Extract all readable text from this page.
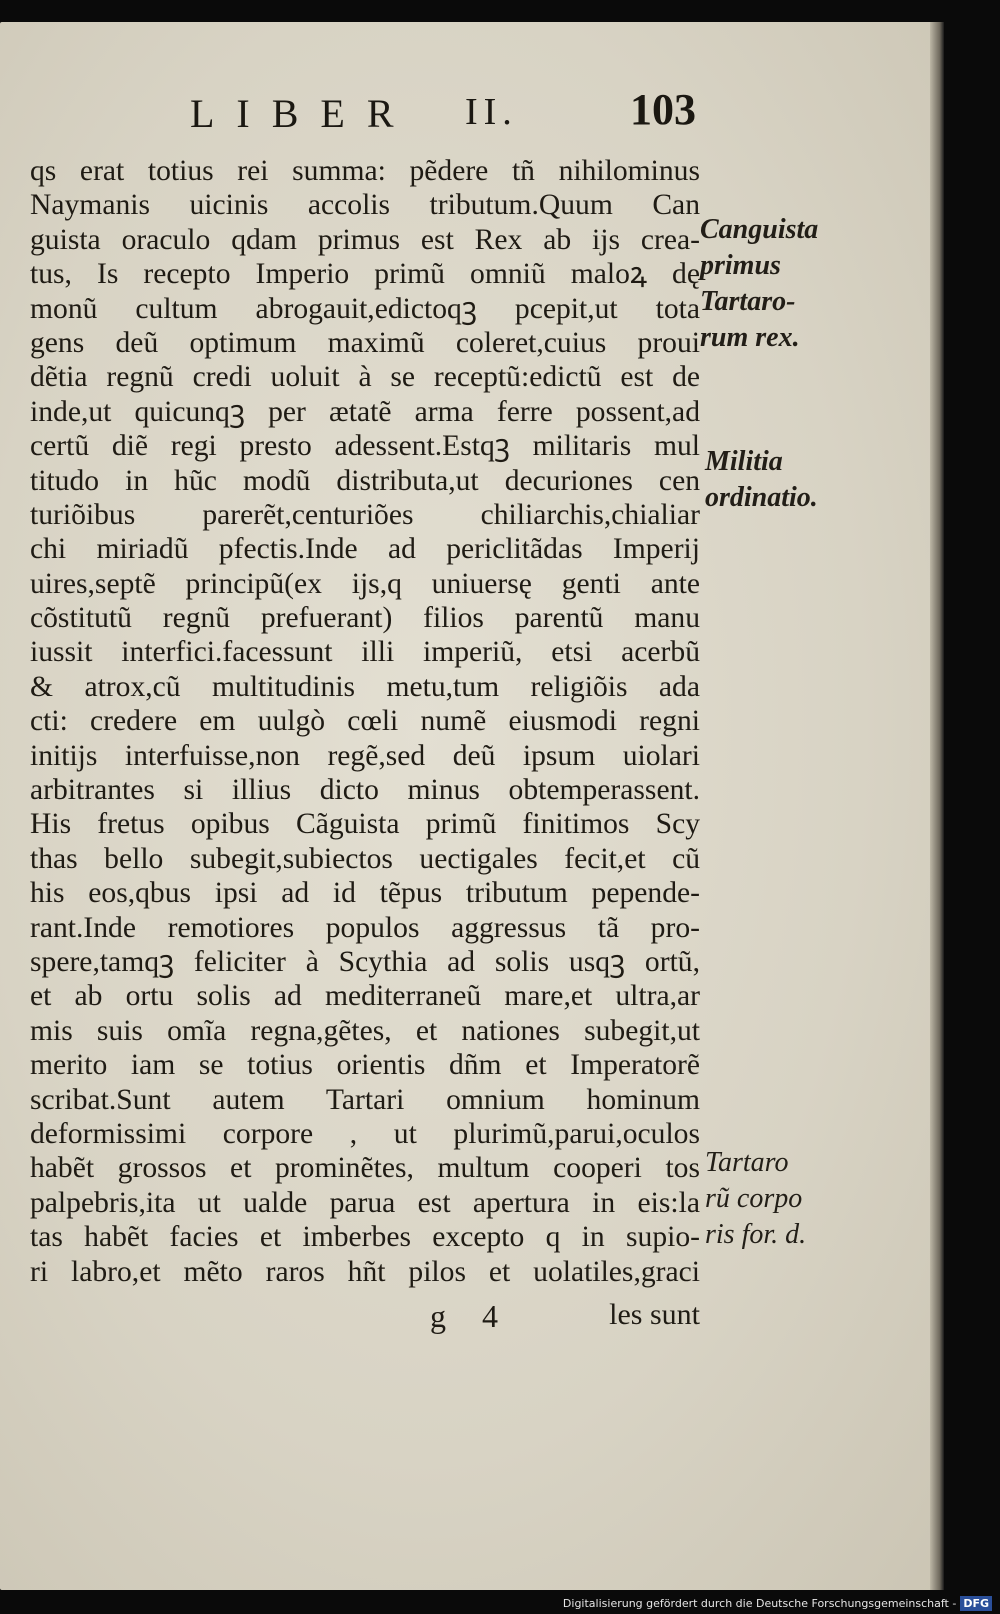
LIBER II.	103
qs erat totius rei summa: pẽdere tñ nihilominus
Naymanis uicinis accolis tributum.Quum Can
guista oraculo qdam primus est Rex ab ijs crea-
tus, Is recepto Imperio primũ omniũ maloꝝ dę
monũ cultum abrogauit,edictoqꝫ pcepit,ut tota
gens deũ optimum maximũ coleret,cuius proui
dẽtia regnũ credi uoluit à se receptũ:edictũ est de
inde,ut quicunqꝫ per ætatẽ arma ferre possent,ad
certũ diẽ regi presto adessent.Estqꝫ militaris mul
titudo in hũc modũ distributa,ut decuriones cen
turiõibus parerẽt,centuriões chiliarchis,chialiar
chi miriadũ pfectis.Inde ad periclitãdas Imperij
uires,septẽ principũ(ex ijs,q uniuersę genti ante
cõstitutũ regnũ prefuerant) filios parentũ manu
iussit interfici.facessunt illi imperiũ, etsi acerbũ
& atrox,cũ multitudinis metu,tum religiõis ada
cti: credere em uulgò cœli numẽ eiusmodi regni
initijs interfuisse,non regẽ,sed deũ ipsum uiolari
arbitrantes si illius dicto minus obtemperassent.
His fretus opibus Cãguista primũ finitimos Scy
thas bello subegit,subiectos uectigales fecit,et cũ
his eos,qbus ipsi ad id tẽpus tributum pepende-
rant.Inde remotiores populos aggressus tã pro-
spere,tamqꝫ feliciter à Scythia ad solis usqꝫ ortũ,
et ab ortu solis ad mediterraneũ mare,et ultra,ar
mis suis omĩa regna,gẽtes, et nationes subegit,ut
merito iam se totius orientis dñm et Imperatorẽ
scribat.Sunt autem Tartari omnium hominum
deformissimi corpore , ut plurimũ,parui,oculos
habẽt grossos et prominẽtes, multum cooperi tos
palpebris,ita ut ualde parua est apertura in eis:la
tas habẽt facies et imberbes excepto q in supio-
ri labro,et mẽto raros hñt pilos et uolatiles,graci
Canguista
primus
Tartaro-
rum rex.
Militia
ordinatio.
Tartaro
rũ corpo
ris for. d.
g 4	les sunt
Digitalisierung gefördert durch die Deutsche Forschungsgemeinschaft - DFG
